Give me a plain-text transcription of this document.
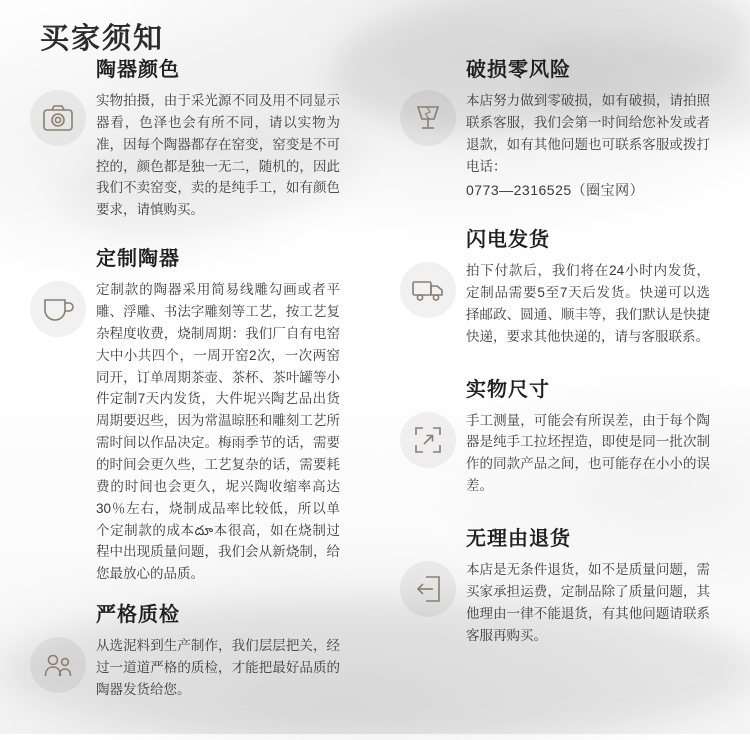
买家须知
陶器颜色

实物拍摄，由于采光源不同及用不同显示器看，色泽也会有所不同，请以实物为准，因每个陶器都存在窑变，窑变是不可控的，颜色都是独一无二，随机的，因此我们不卖窑变，卖的是纯手工，如有颜色要求，请慎购买。

定制陶器

定制款的陶器采用简易线雕勾画或者平雕、浮雕、书法字雕刻等工艺，按工艺复杂程度收费，烧制周期：我们厂自有电窑大中小共四个，一周开窑2次，一次两窑同开，订单周期茶壶、茶杯、茶叶罐等小件定制7天内发货，大件坭兴陶艺品出货周期要迟些，因为常温晾胚和雕刻工艺所需时间以作品决定。梅雨季节的话，需要的时间会更久些，工艺复杂的话，需要耗费的时间也会更久，坭兴陶收缩率高达30％左右，烧制成品率比较低，所以单个定制款的成本దూ本很高，如在烧制过程中出现质量问题，我们会从新烧制，给您最放心的品质。

严格质检

从选泥料到生产制作，我们层层把关，经过一道道严格的质检，才能把最好品质的陶器发货给您。

破损零风险

本店努力做到零破损，如有破损，请拍照联系客服，我们会第一时间给您补发或者退款，如有其他问题也可联系客服或拨打电话：

0773—2316525（圈宝网）

闪电发货

拍下付款后，我们将在24小时内发货，定制品需要5至7天后发货。快递可以选择邮政、圆通、顺丰等，我们默认是快捷快递，要求其他快递的，请与客服联系。

实物尺寸

手工测量，可能会有所误差，由于每个陶器是纯手工拉坯捏造，即使是同一批次制作的同款产品之间，也可能存在小小的误差。

无理由退货

本店是无条件退货，如不是质量问题，需买家承担运费，定制品除了质量问题，其他理由一律不能退货，有其他问题请联系客服再购买。
